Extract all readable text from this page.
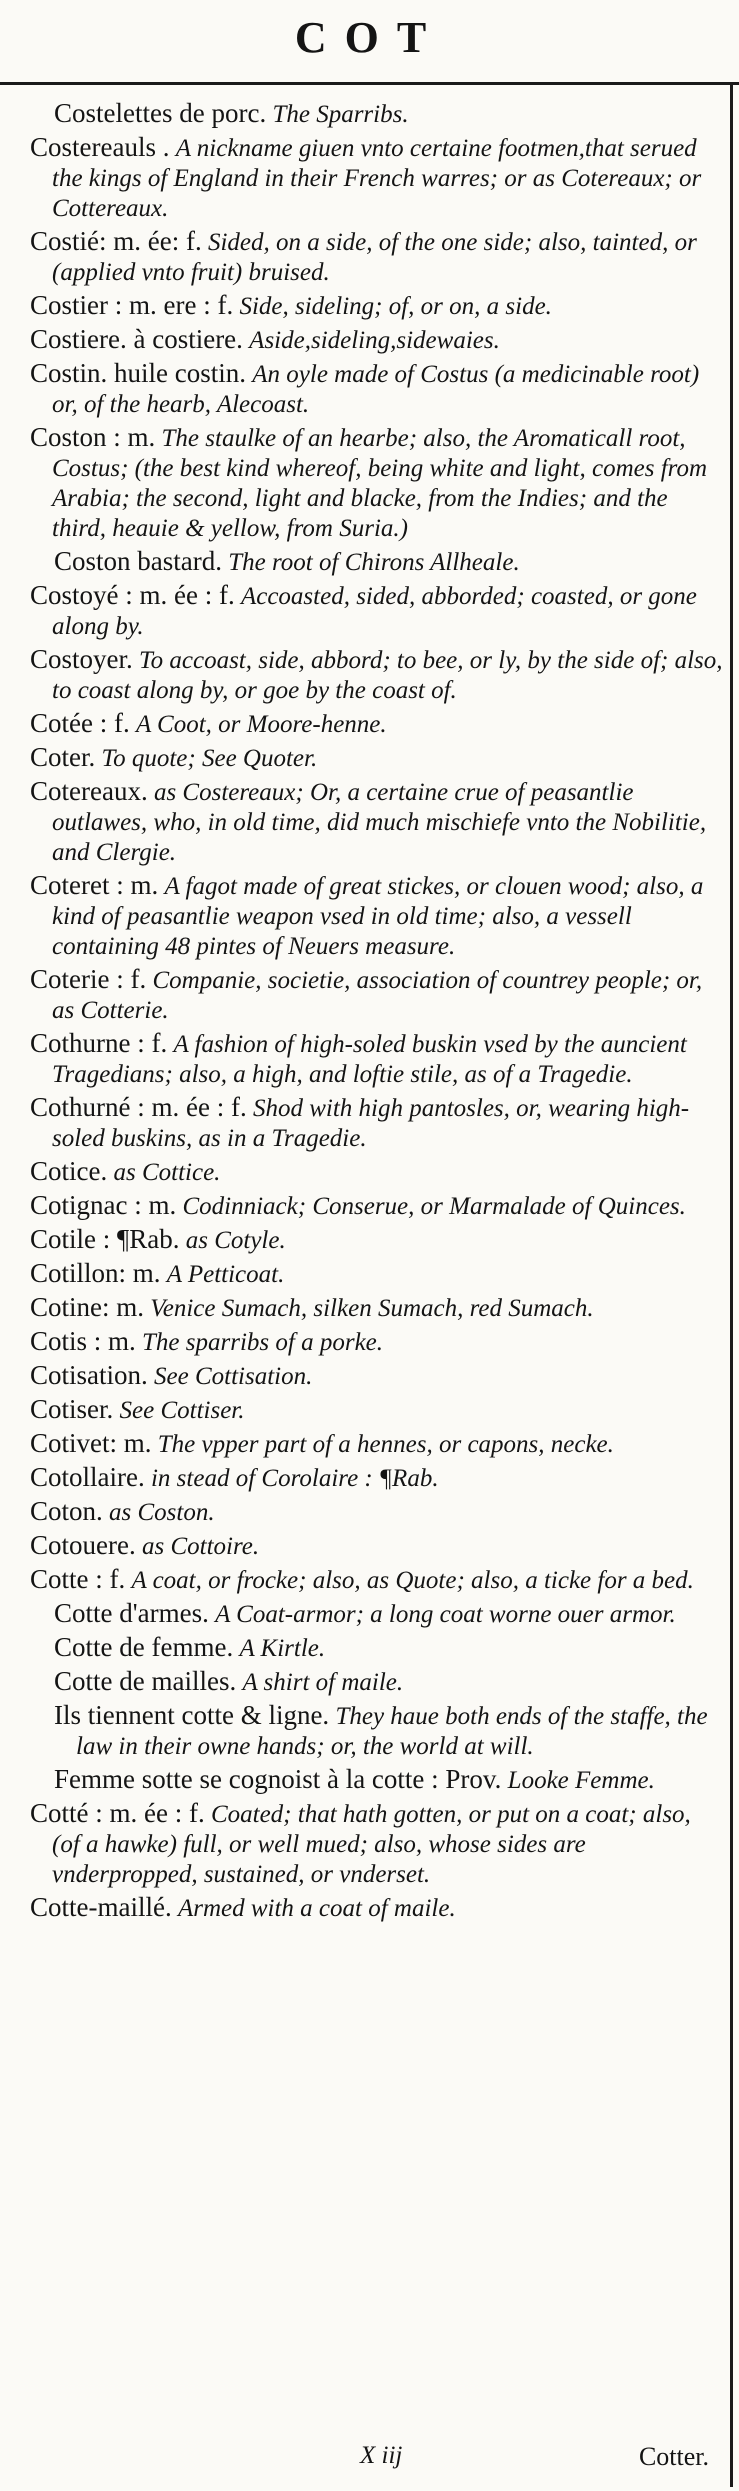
COT
Costelettes de porc. The Sparribs.
Costereauls . A nickname giuen vnto certaine footmen,that serued the kings of England in their French warres; or as Cotereaux; or Cottereaux.
Costié: m. ée: f. Sided, on a side, of the one side; also, tainted, or (applied vnto fruit) bruised.
Costier : m. ere : f. Side, sideling; of, or on, a side.
Costiere. à costiere. Aside,sideling,sidewaies.
Costin. huile costin. An oyle made of Costus (a medicinable root) or, of the hearb, Alecoast.
Coston : m. The staulke of an hearbe; also, the Aromaticall root, Costus; (the best kind whereof, being white and light, comes from Arabia; the second, light and blacke, from the Indies; and the third, heauie & yellow, from Suria.)
Coston bastard. The root of Chirons Allheale.
Costoyé : m. ée : f. Accoasted, sided, abborded; coasted, or gone along by.
Costoyer. To accoast, side, abbord; to bee, or ly, by the side of; also, to coast along by, or goe by the coast of.
Cotée : f. A Coot, or Moore-henne.
Coter. To quote; See Quoter.
Cotereaux. as Costereaux; Or, a certaine crue of peasantlie outlawes, who, in old time, did much mischiefe vnto the Nobilitie, and Clergie.
Coteret : m. A fagot made of great stickes, or clouen wood; also, a kind of peasantlie weapon vsed in old time; also, a vessell containing 48 pintes of Neuers measure.
Coterie : f. Companie, societie, association of countrey people; or, as Cotterie.
Cothurne : f. A fashion of high-soled buskin vsed by the auncient Tragedians; also, a high, and loftie stile, as of a Tragedie.
Cothurné : m. ée : f. Shod with high pantosles, or, wearing high-soled buskins, as in a Tragedie.
Cotice. as Cottice.
Cotignac : m. Codinniack; Conserue, or Marmalade of Quinces.
Cotile : ¶Rab. as Cotyle.
Cotillon: m. A Petticoat.
Cotine: m. Venice Sumach, silken Sumach, red Sumach.
Cotis : m. The sparribs of a porke.
Cotisation. See Cottisation.
Cotiser. See Cottiser.
Cotivet: m. The vpper part of a hennes, or capons, necke.
Cotollaire. in stead of Corolaire : ¶Rab.
Coton. as Coston.
Cotouere. as Cottoire.
Cotte : f. A coat, or frocke; also, as Quote; also, a ticke for a bed.
Cotte d'armes. A Coat-armor; a long coat worne ouer armor.
Cotte de femme. A Kirtle.
Cotte de mailles. A shirt of maile.
Ils tiennent cotte & ligne. They haue both ends of the staffe, the law in their owne hands; or, the world at will.
Femme sotte se cognoist à la cotte : Prov. Looke Femme.
Cotté : m. ée : f. Coated; that hath gotten, or put on a coat; also, (of a hawke) full, or well mued; also, whose sides are vnderpropped, sustained, or vnderset.
Cotte-maillé. Armed with a coat of maile.
X iij	Cotter.
